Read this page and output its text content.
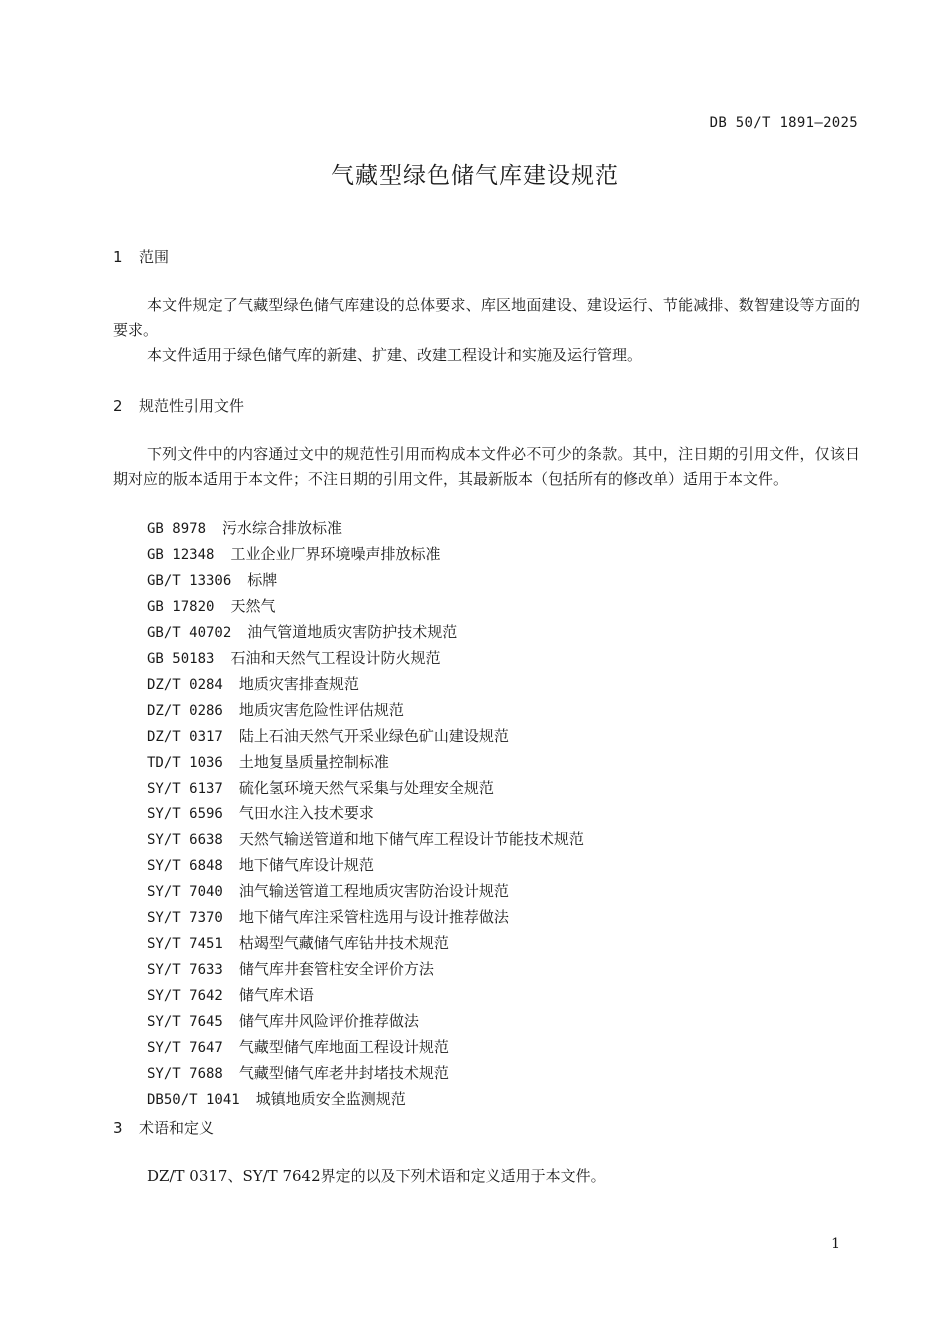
DB 50/T 1891—2025
气藏型绿色储气库建设规范
1 范围

本文件规定了气藏型绿色储气库建设的总体要求、库区地面建设、建设运行、节能减排、数智建设等方面的要求。

本文件适用于绿色储气库的新建、扩建、改建工程设计和实施及运行管理。

2 规范性引用文件

下列文件中的内容通过文中的规范性引用而构成本文件必不可少的条款。其中，注日期的引用文件，仅该日期对应的版本适用于本文件；不注日期的引用文件，其最新版本（包括所有的修改单）适用于本文件。

GB 8978 污水综合排放标准
GB 12348 工业企业厂界环境噪声排放标准
GB/T 13306 标牌
GB 17820 天然气
GB/T 40702 油气管道地质灾害防护技术规范
GB 50183 石油和天然气工程设计防火规范
DZ/T 0284 地质灾害排查规范
DZ/T 0286 地质灾害危险性评估规范
DZ/T 0317 陆上石油天然气开采业绿色矿山建设规范
TD/T 1036 土地复垦质量控制标准
SY/T 6137 硫化氢环境天然气采集与处理安全规范
SY/T 6596 气田水注入技术要求
SY/T 6638 天然气输送管道和地下储气库工程设计节能技术规范
SY/T 6848 地下储气库设计规范
SY/T 7040 油气输送管道工程地质灾害防治设计规范
SY/T 7370 地下储气库注采管柱选用与设计推荐做法
SY/T 7451 枯竭型气藏储气库钻井技术规范
SY/T 7633 储气库井套管柱安全评价方法
SY/T 7642 储气库术语
SY/T 7645 储气库井风险评价推荐做法
SY/T 7647 气藏型储气库地面工程设计规范
SY/T 7688 气藏型储气库老井封堵技术规范
DB50/T 1041 城镇地质安全监测规范
3 术语和定义

DZ/T 0317、SY/T 7642界定的以及下列术语和定义适用于本文件。

1
